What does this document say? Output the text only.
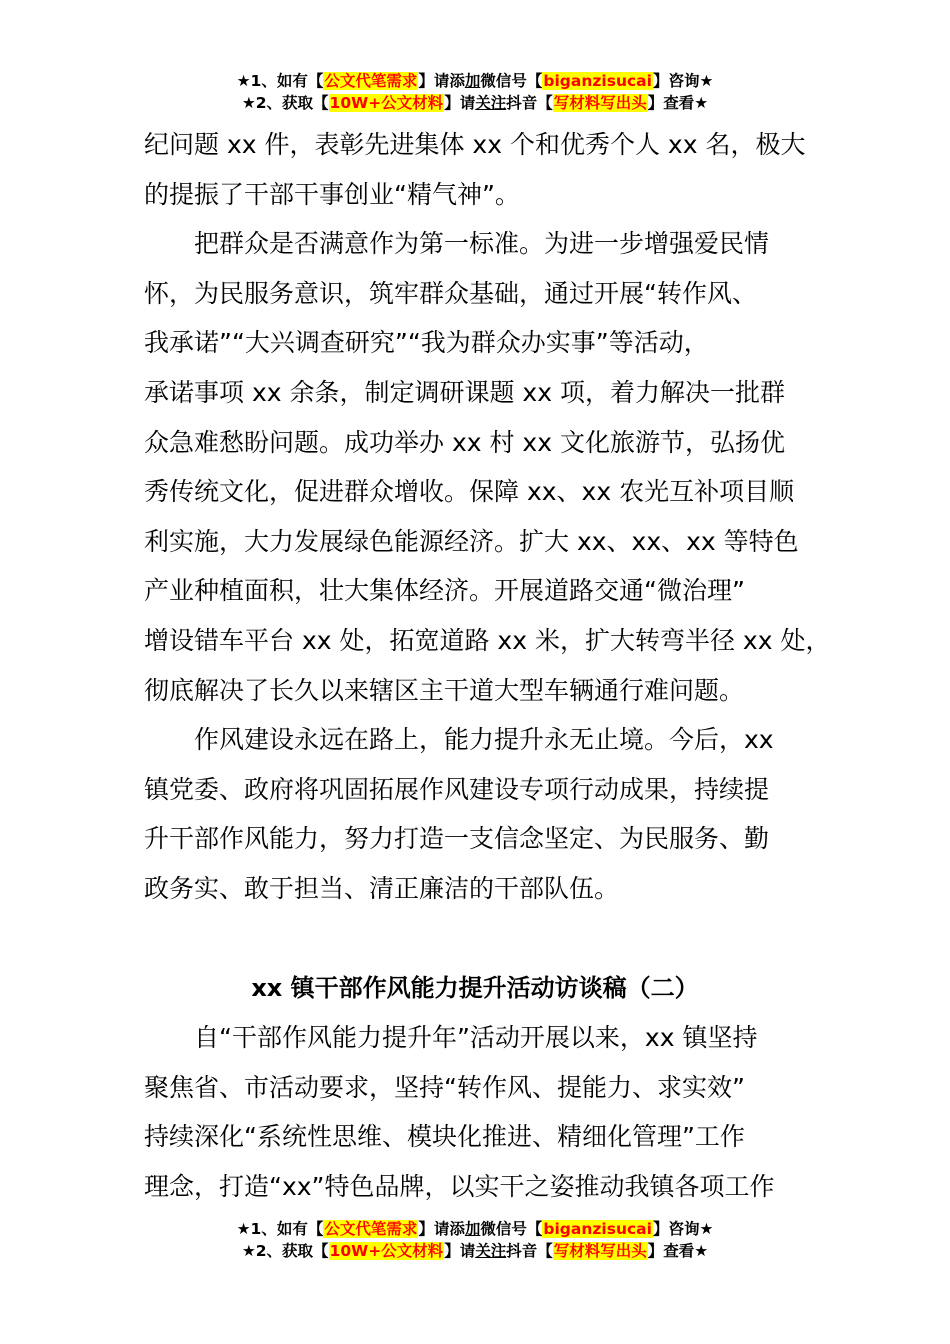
★1、如有【公文代笔需求】请添加微信号【biganzisucai】咨询★
★2、获取【10W+公文材料】请关注抖音【写材料写出头】查看★

纪问题 xx 件，表彰先进集体 xx 个和优秀个人 xx 名，极大
的提振了干部干事创业“精气神”。

把群众是否满意作为第一标准。为进一步增强爱民情
怀，为民服务意识，筑牢群众基础，通过开展“转作风、
我承诺”“大兴调查研究”“我为群众办实事”等活动，
承诺事项 xx 余条，制定调研课题 xx 项，着力解决一批群
众急难愁盼问题。成功举办 xx 村 xx 文化旅游节，弘扬优
秀传统文化，促进群众增收。保障 xx、xx 农光互补项目顺
利实施，大力发展绿色能源经济。扩大 xx、xx、xx 等特色
产业种植面积，壮大集体经济。开展道路交通“微治理”
增设错车平台 xx 处，拓宽道路 xx 米，扩大转弯半径 xx 处，
彻底解决了长久以来辖区主干道大型车辆通行难问题。

作风建设永远在路上，能力提升永无止境。今后，xx
镇党委、政府将巩固拓展作风建设专项行动成果，持续提
升干部作风能力，努力打造一支信念坚定、为民服务、勤
政务实、敢于担当、清正廉洁的干部队伍。

xx 镇干部作风能力提升活动访谈稿（二）

自“干部作风能力提升年”活动开展以来，xx 镇坚持
聚焦省、市活动要求，坚持“转作风、提能力、求实效”
持续深化“系统性思维、模块化推进、精细化管理”工作
理念，打造“xx”特色品牌，以实干之姿推动我镇各项工作

★1、如有【公文代笔需求】请添加微信号【biganzisucai】咨询★
★2、获取【10W+公文材料】请关注抖音【写材料写出头】查看★
